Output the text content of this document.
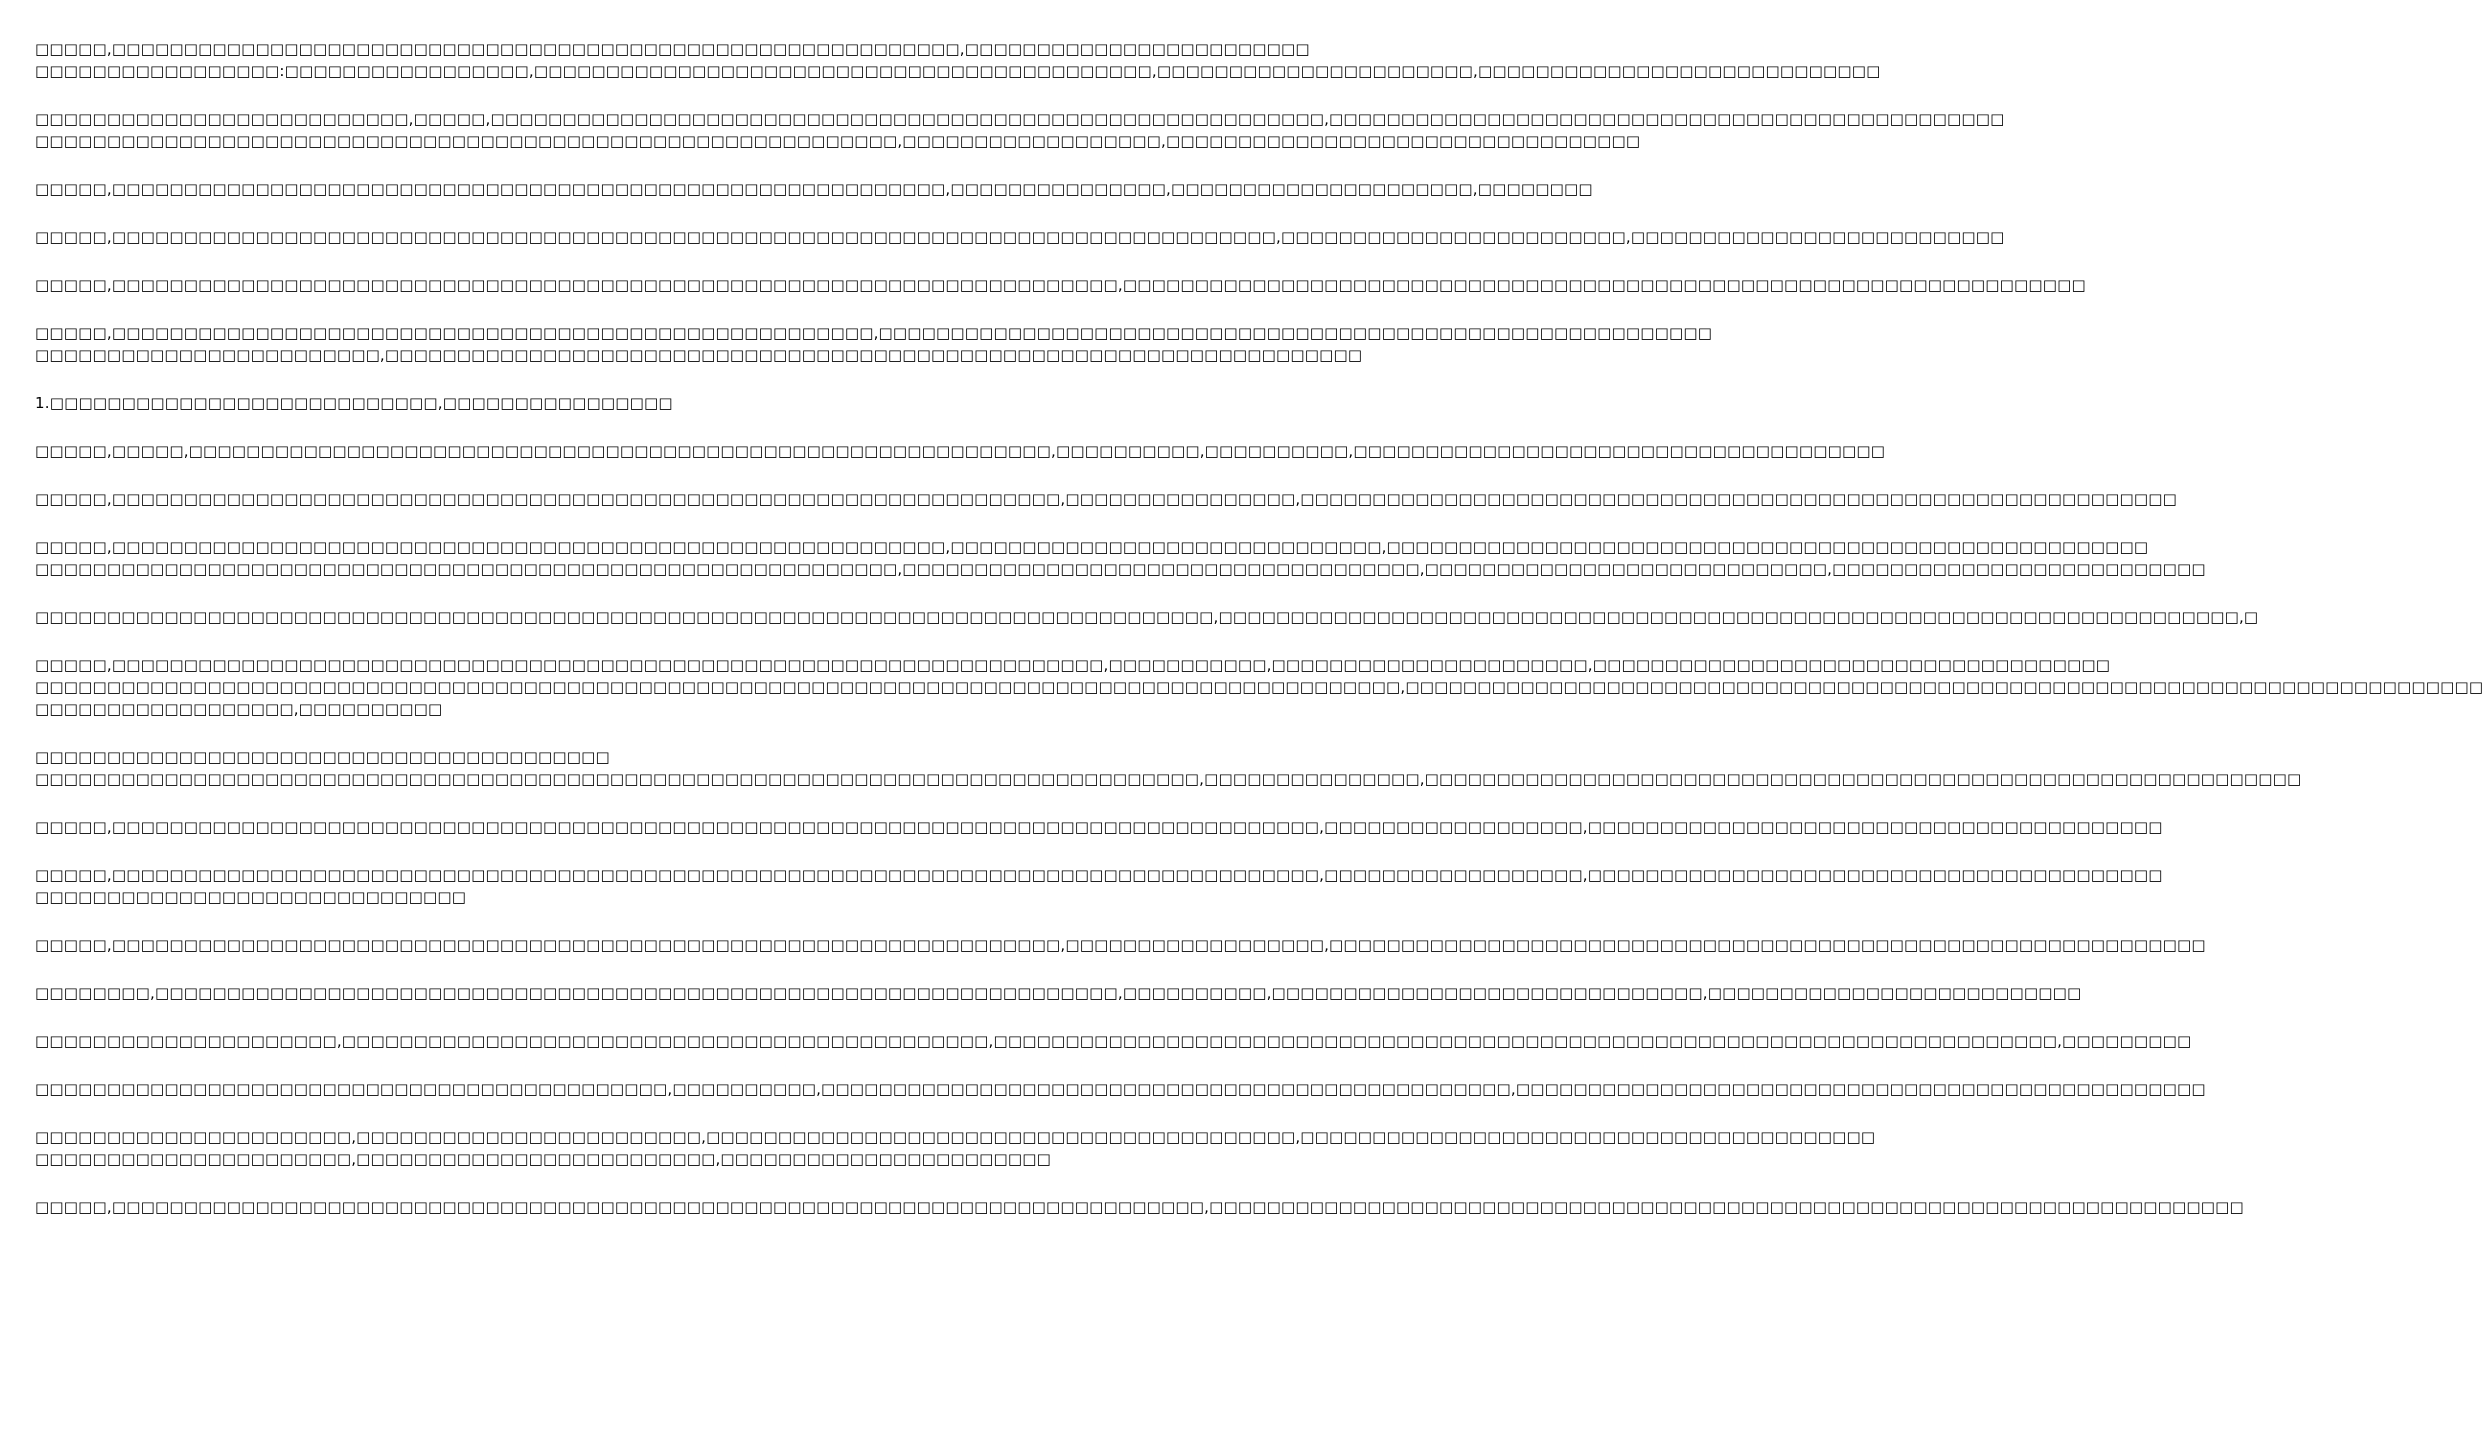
□□□□□,□□□□□□□□□□□□□□□□□□□□□□□□□□□□□□□□□□□□□□□□□□□□□□□□□□□□□□□□□□□,□□□□□□□□□□□□□□□□□□□□□□□□
□□□□□□□□□□□□□□□□□:□□□□□□□□□□□□□□□□□,□□□□□□□□□□□□□□□□□□□□□□□□□□□□□□□□□□□□□□□□□□□,□□□□□□□□□□□□□□□□□□□□□□,□□□□□□□□□□□□□□□□□□□□□□□□□□□□
□□□□□□□□□□□□□□□□□□□□□□□□□□,□□□□□,□□□□□□□□□□□□□□□□□□□□□□□□□□□□□□□□□□□□□□□□□□□□□□□□□□□□□□□□□□,□□□□□□□□□□□□□□□□□□□□□□□□□□□□□□□□□□□□□□□□□□□□□□□
□□□□□□□□□□□□□□□□□□□□□□□□□□□□□□□□□□□□□□□□□□□□□□□□□□□□□□□□□□□□,□□□□□□□□□□□□□□□□□□,□□□□□□□□□□□□□□□□□□□□□□□□□□□□□□□□□
□□□□□,□□□□□□□□□□□□□□□□□□□□□□□□□□□□□□□□□□□□□□□□□□□□□□□□□□□□□□□□□□,□□□□□□□□□□□□□□□,□□□□□□□□□□□□□□□□□□□□□,□□□□□□□□
□□□□□,□□□□□□□□□□□□□□□□□□□□□□□□□□□□□□□□□□□□□□□□□□□□□□□□□□□□□□□□□□□□□□□□□□□□□□□□□□□□□□□□□,□□□□□□□□□□□□□□□□□□□□□□□□,□□□□□□□□□□□□□□□□□□□□□□□□□□
□□□□□,□□□□□□□□□□□□□□□□□□□□□□□□□□□□□□□□□□□□□□□□□□□□□□□□□□□□□□□□□□□□□□□□□□□□□□,□□□□□□□□□□□□□□□□□□□□□□□□□□□□□□□□□□□□□□□□□□□□□□□□□□□□□□□□□□□□□□□□□□□
□□□□□,□□□□□□□□□□□□□□□□□□□□□□□□□□□□□□□□□□□□□□□□□□□□□□□□□□□□□,□□□□□□□□□□□□□□□□□□□□□□□□□□□□□□□□□□□□□□□□□□□□□□□□□□□□□□□□□□
□□□□□□□□□□□□□□□□□□□□□□□□,□□□□□□□□□□□□□□□□□□□□□□□□□□□□□□□□□□□□□□□□□□□□□□□□□□□□□□□□□□□□□□□□□□□□
1.□□□□□□□□□□□□□□□□□□□□□□□□□□□,□□□□□□□□□□□□□□□□
□□□□□,□□□□□,□□□□□□□□□□□□□□□□□□□□□□□□□□□□□□□□□□□□□□□□□□□□□□□□□□□□□□□□□□□□,□□□□□□□□□□,□□□□□□□□□□,□□□□□□□□□□□□□□□□□□□□□□□□□□□□□□□□□□□□□
□□□□□,□□□□□□□□□□□□□□□□□□□□□□□□□□□□□□□□□□□□□□□□□□□□□□□□□□□□□□□□□□□□□□□□□□,□□□□□□□□□□□□□□□□,□□□□□□□□□□□□□□□□□□□□□□□□□□□□□□□□□□□□□□□□□□□□□□□□□□□□□□□□□□□□□
□□□□□,□□□□□□□□□□□□□□□□□□□□□□□□□□□□□□□□□□□□□□□□□□□□□□□□□□□□□□□□□□,□□□□□□□□□□□□□□□□□□□□□□□□□□□□□□,□□□□□□□□□□□□□□□□□□□□□□□□□□□□□□□□□□□□□□□□□□□□□□□□□□□□□
□□□□□□□□□□□□□□□□□□□□□□□□□□□□□□□□□□□□□□□□□□□□□□□□□□□□□□□□□□□□,□□□□□□□□□□□□□□□□□□□□□□□□□□□□□□□□□□□□,□□□□□□□□□□□□□□□□□□□□□□□□□□□□,□□□□□□□□□□□□□□□□□□□□□□□□□□
□□□□□□□□□□□□□□□□□□□□□□□□□□□□□□□□□□□□□□□□□□□□□□□□□□□□□□□□□□□□□□□□□□□□□□□□□□□□□□□□□□,□□□□□□□□□□□□□□□□□□□□□□□□□□□□□□□□□□□□□□□□□□□□□□□□□□□□□□□□□□□□□□□□□□□□□□□,□
□□□□□,□□□□□□□□□□□□□□□□□□□□□□□□□□□□□□□□□□□□□□□□□□□□□□□□□□□□□□□□□□□□□□□□□□□□□,□□□□□□□□□□□,□□□□□□□□□□□□□□□□□□□□□□,□□□□□□□□□□□□□□□□□□□□□□□□□□□□□□□□□□□□
□□□□□□□□□□□□□□□□□□□□□□□□□□□□□□□□□□□□□□□□□□□□□□□□□□□□□□□□□□□□□□□□□□□□□□□□□□□□□□□□□□□□□□□□□□□□□□□,□□□□□□□□□□□□□□□□□□□□□□□□□□□□□□□□□□□□□□□□□□□□□□□□□□□□□□□□□□□□□□□□□□□□□□□□□□□
□□□□□□□□□□□□□□□□□□,□□□□□□□□□□
□□□□□□□□□□□□□□□□□□□□□□□□□□□□□□□□□□□□□□□□
□□□□□□□□□□□□□□□□□□□□□□□□□□□□□□□□□□□□□□□□□□□□□□□□□□□□□□□□□□□□□□□□□□□□□□□□□□□□□□□□□,□□□□□□□□□□□□□□□,□□□□□□□□□□□□□□□□□□□□□□□□□□□□□□□□□□□□□□□□□□□□□□□□□□□□□□□□□□□□□
□□□□□,□□□□□□□□□□□□□□□□□□□□□□□□□□□□□□□□□□□□□□□□□□□□□□□□□□□□□□□□□□□□□□□□□□□□□□□□□□□□□□□□□□□□,□□□□□□□□□□□□□□□□□□,□□□□□□□□□□□□□□□□□□□□□□□□□□□□□□□□□□□□□□□□
□□□□□,□□□□□□□□□□□□□□□□□□□□□□□□□□□□□□□□□□□□□□□□□□□□□□□□□□□□□□□□□□□□□□□□□□□□□□□□□□□□□□□□□□□□,□□□□□□□□□□□□□□□□□□,□□□□□□□□□□□□□□□□□□□□□□□□□□□□□□□□□□□□□□□□
□□□□□□□□□□□□□□□□□□□□□□□□□□□□□□
□□□□□,□□□□□□□□□□□□□□□□□□□□□□□□□□□□□□□□□□□□□□□□□□□□□□□□□□□□□□□□□□□□□□□□□□,□□□□□□□□□□□□□□□□□□,□□□□□□□□□□□□□□□□□□□□□□□□□□□□□□□□□□□□□□□□□□□□□□□□□□□□□□□□□□□□□
□□□□□□□□,□□□□□□□□□□□□□□□□□□□□□□□□□□□□□□□□□□□□□□□□□□□□□□□□□□□□□□□□□□□□□□□□□□□,□□□□□□□□□□,□□□□□□□□□□□□□□□□□□□□□□□□□□□□□□,□□□□□□□□□□□□□□□□□□□□□□□□□□
□□□□□□□□□□□□□□□□□□□□□,□□□□□□□□□□□□□□□□□□□□□□□□□□□□□□□□□□□□□□□□□□□□□,□□□□□□□□□□□□□□□□□□□□□□□□□□□□□□□□□□□□□□□□□□□□□□□□□□□□□□□□□□□□□□□□□□□□□□□□□□,□□□□□□□□□
□□□□□□□□□□□□□□□□□□□□□□□□□□□□□□□□□□□□□□□□□□□□,□□□□□□□□□□,□□□□□□□□□□□□□□□□□□□□□□□□□□□□□□□□□□□□□□□□□□□□□□□□,□□□□□□□□□□□□□□□□□□□□□□□□□□□□□□□□□□□□□□□□□□□□□□□□
□□□□□□□□□□□□□□□□□□□□□□,□□□□□□□□□□□□□□□□□□□□□□□□,□□□□□□□□□□□□□□□□□□□□□□□□□□□□□□□□□□□□□□□□□,□□□□□□□□□□□□□□□□□□□□□□□□□□□□□□□□□□□□□□□□
□□□□□□□□□□□□□□□□□□□□□□,□□□□□□□□□□□□□□□□□□□□□□□□□,□□□□□□□□□□□□□□□□□□□□□□□
□□□□□,□□□□□□□□□□□□□□□□□□□□□□□□□□□□□□□□□□□□□□□□□□□□□□□□□□□□□□□□□□□□□□□□□□□□□□□□□□□□,□□□□□□□□□□□□□□□□□□□□□□□□□□□□□□□□□□□□□□□□□□□□□□□□□□□□□□□□□□□□□□□□□□□□□□□□
